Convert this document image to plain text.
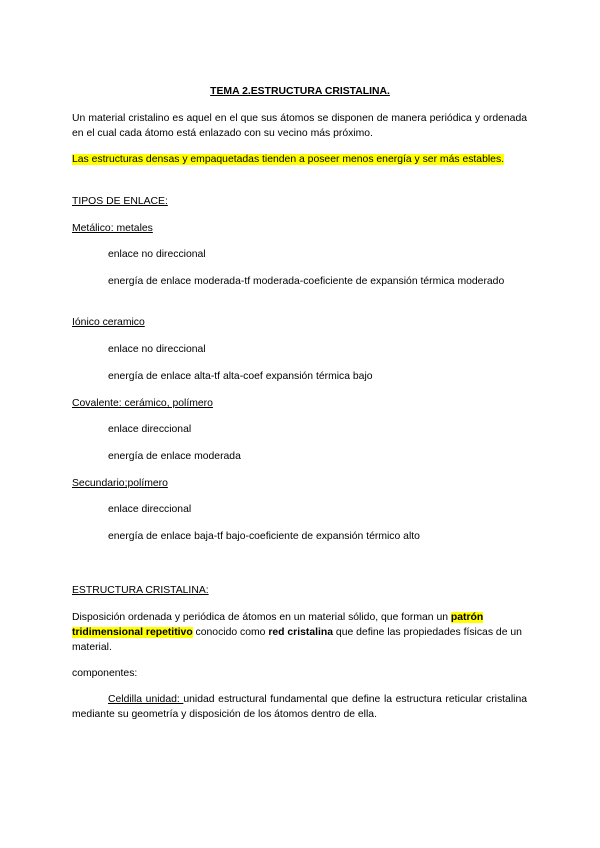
TEMA 2.ESTRUCTURA CRISTALINA.

Un material cristalino es aquel en el que sus átomos se disponen de manera periódica y ordenada en el cual cada átomo está enlazado con su vecino más próximo.

Las estructuras densas y empaquetadas tienden a poseer menos energía y ser más estables.

TIPOS DE ENLACE:

Metálico: metales

enlace no direccional

energía de enlace moderada-tf moderada-coeficiente de expansión térmica moderado

Iónico ceramico

enlace no direccional

energía de enlace alta-tf alta-coef expansión térmica bajo

Covalente: cerámico, polímero

enlace direccional

energía de enlace moderada

Secundario;polímero

enlace direccional

energía de enlace baja-tf bajo-coeficiente de expansión térmico alto

ESTRUCTURA CRISTALINA:

Disposición ordenada y periódica de átomos en un material sólido, que forman un patrón tridimensional repetitivo conocido como red cristalina que define las propiedades físicas de un material.

componentes:

Celdilla unidad: unidad estructural fundamental que define la estructura reticular cristalina mediante su geometría y disposición de los átomos dentro de ella.
